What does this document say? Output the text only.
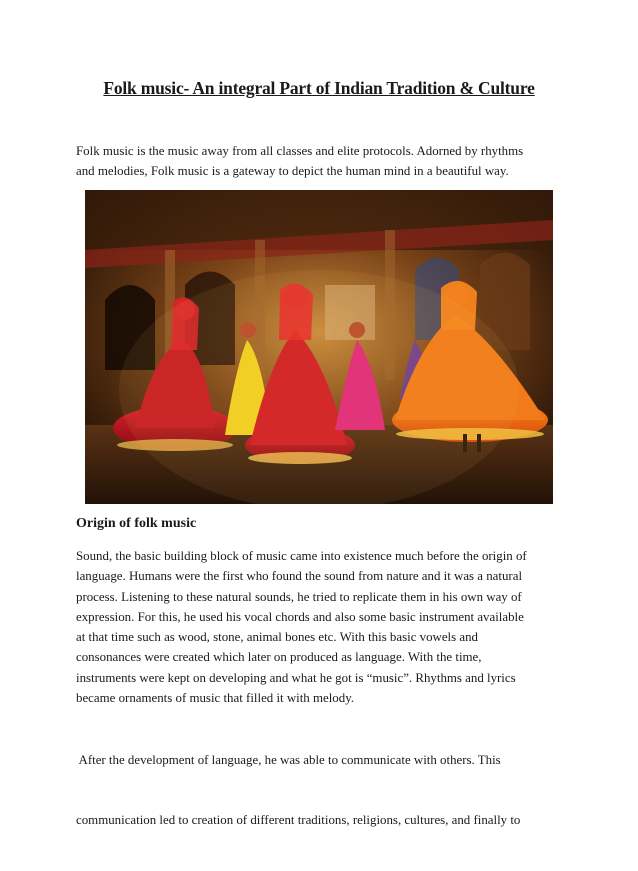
Folk music- An integral Part of Indian Tradition & Culture

Folk music is the music away from all classes and elite protocols. Adorned by rhythms
and melodies, Folk music is a gateway to depict the human mind in a beautiful way.

Origin of folk music

Sound, the basic building block of music came into existence much before the origin of
language. Humans were the first who found the sound from nature and it was a natural
process. Listening to these natural sounds, he tried to replicate them in his own way of
expression. For this, he used his vocal chords and also some basic instrument available
at that time such as wood, stone, animal bones etc. With this basic vowels and
consonances were created which later on produced as language. With the time,
instruments were kept on developing and what he got is “music”. Rhythms and lyrics
became ornaments of music that filled it with melody.

After the development of language, he was able to communicate with others. This

communication led to creation of different traditions, religions, cultures, and finally to
